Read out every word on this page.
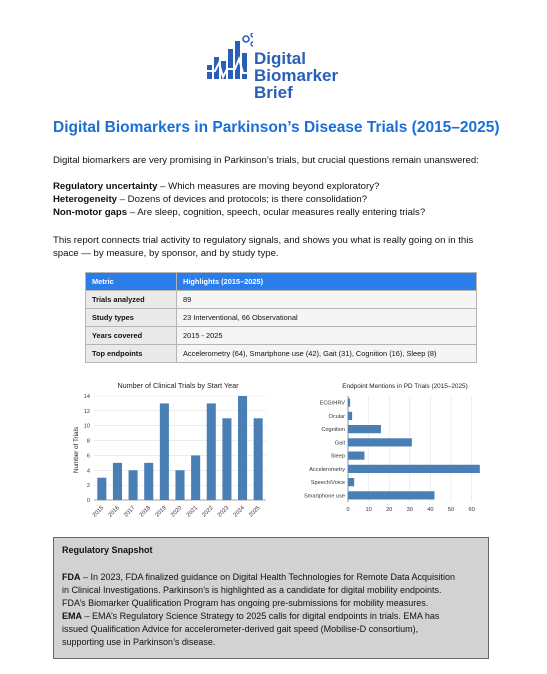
Digital
Biomarker
Brief
Digital Biomarkers in Parkinson’s Disease Trials (2015–2025)
Digital biomarkers are very promising in Parkinson’s trials, but crucial questions remain unanswered:
Regulatory uncertainty – Which measures are moving beyond exploratory?
Heterogeneity – Dozens of devices and protocols; is there consolidation?
Non-motor gaps – Are sleep, cognition, speech, ocular measures really entering trials?
This report connects trial activity to regulatory signals, and shows you what is really going on in this
space — by measure, by sponsor, and by study type.
Metric	Highlights (2015–2025)
Trials analyzed	89
Study types	23 Interventional, 66 Observational
Years covered	2015 - 2025
Top endpoints	Accelerometry (64), Smartphone use (42), Gait (31), Cognition (16), Sleep (8)
Number of Clinical Trials by Start Year
Number of Trials
0
2
4
6
8
10
12
14
2015 2016 2017 2018 2019 2020 2021 2022 2023 2024 2025
Endpoint Mentions in PD Trials (2015–2025)
ECG/HRV
Ocular
Cognition
Gait
Sleep
Accelerometry
Speech/Voice
Smartphone use
0	10	20	30	40	50	60
Regulatory Snapshot
FDA – In 2023, FDA finalized guidance on Digital Health Technologies for Remote Data Acquisition
in Clinical Investigations. Parkinson’s is highlighted as a candidate for digital mobility endpoints.
FDA’s Biomarker Qualification Program has ongoing pre-submissions for mobility measures.
EMA – EMA’s Regulatory Science Strategy to 2025 calls for digital endpoints in trials. EMA has
issued Qualification Advice for accelerometer-derived gait speed (Mobilise-D consortium),
supporting use in Parkinson’s disease.
